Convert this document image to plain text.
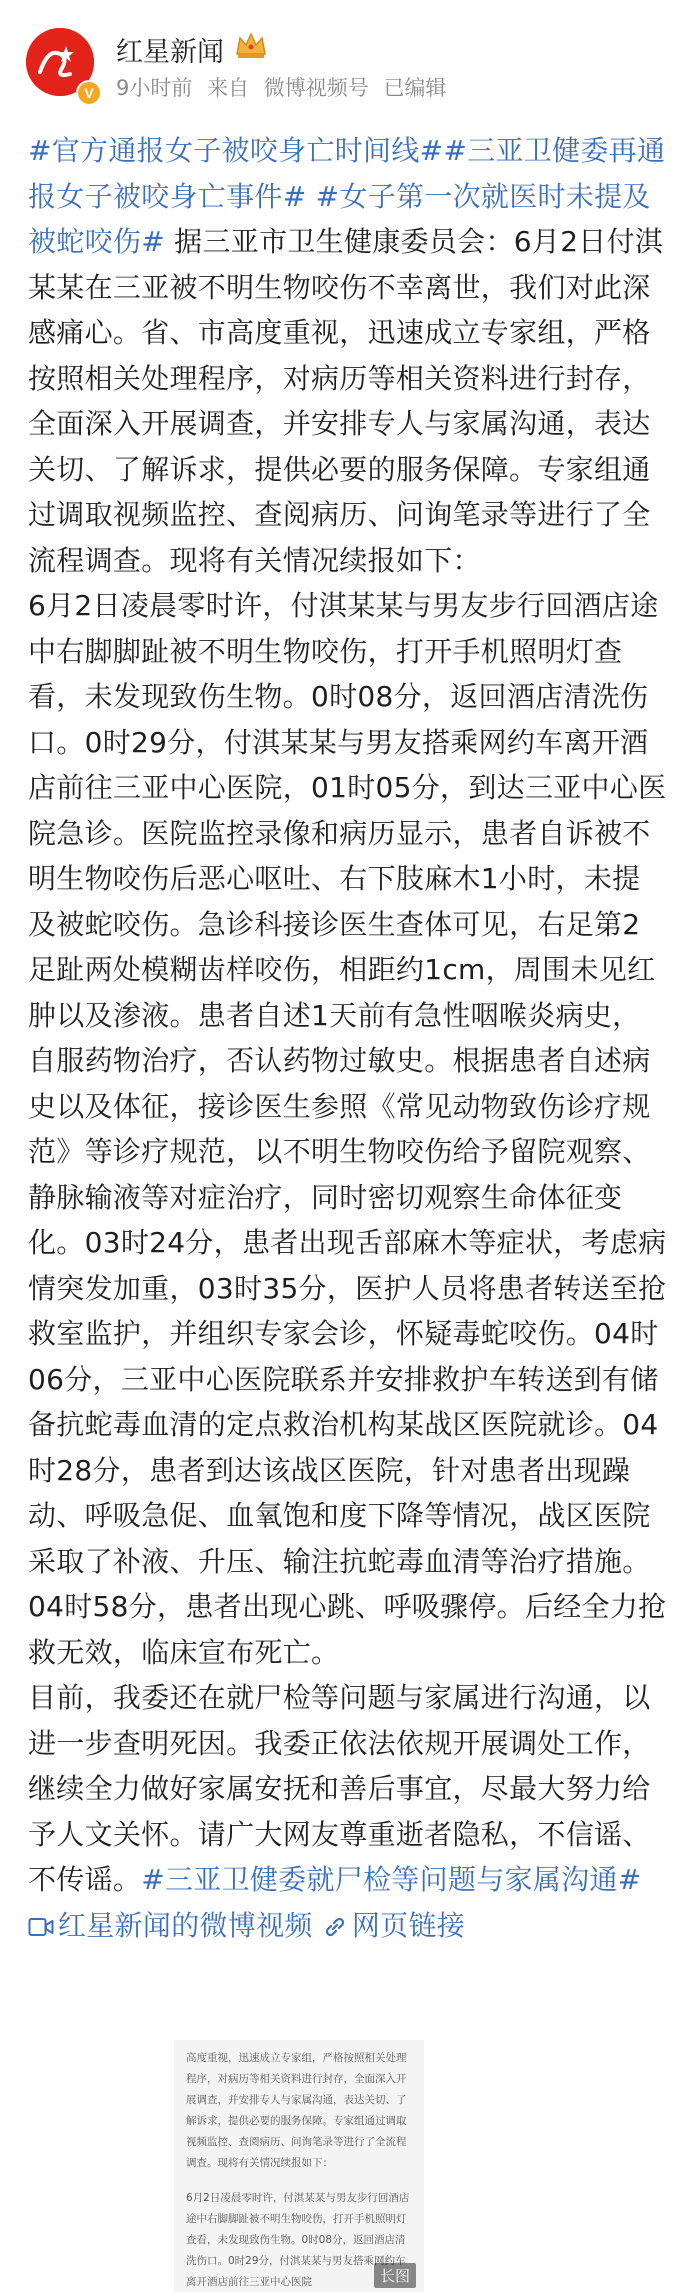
V
红星新闻
9小时前 来自 微博视频号 已编辑

#官方通报女子被咬身亡时间线##三亚卫健委再通报女子被咬身亡事件# #女子第一次就医时未提及被蛇咬伤# 据三亚市卫生健康委员会：6月2日付淇某某在三亚被不明生物咬伤不幸离世，我们对此深感痛心。省、市高度重视，迅速成立专家组，严格按照相关处理程序，对病历等相关资料进行封存，全面深入开展调查，并安排专人与家属沟通，表达关切、了解诉求，提供必要的服务保障。专家组通过调取视频监控、查阅病历、问询笔录等进行了全流程调查。现将有关情况续报如下：

6月2日凌晨零时许，付淇某某与男友步行回酒店途中右脚脚趾被不明生物咬伤，打开手机照明灯查看，未发现致伤生物。0时08分，返回酒店清洗伤口。0时29分，付淇某某与男友搭乘网约车离开酒店前往三亚中心医院，01时05分，到达三亚中心医院急诊。医院监控录像和病历显示，患者自诉被不明生物咬伤后恶心呕吐、右下肢麻木1小时，未提及被蛇咬伤。急诊科接诊医生查体可见，右足第2足趾两处模糊齿样咬伤，相距约1cm，周围未见红肿以及渗液。患者自述1天前有急性咽喉炎病史，自服药物治疗，否认药物过敏史。根据患者自述病史以及体征，接诊医生参照《常见动物致伤诊疗规范》等诊疗规范，以不明生物咬伤给予留院观察、静脉输液等对症治疗，同时密切观察生命体征变化。03时24分，患者出现舌部麻木等症状，考虑病情突发加重，03时35分，医护人员将患者转送至抢救室监护，并组织专家会诊，怀疑毒蛇咬伤。04时06分，三亚中心医院联系并安排救护车转送到有储备抗蛇毒血清的定点救治机构某战区医院就诊。04时28分，患者到达该战区医院，针对患者出现躁动、呼吸急促、血氧饱和度下降等情况，战区医院采取了补液、升压、输注抗蛇毒血清等治疗措施。04时58分，患者出现心跳、呼吸骤停。后经全力抢救无效，临床宣布死亡。

目前，我委还在就尸检等问题与家属进行沟通，以进一步查明死因。我委正依法依规开展调处工作，继续全力做好家属安抚和善后事宜，尽最大努力给予人文关怀。请广大网友尊重逝者隐私，不信谣、不传谣。#三亚卫健委就尸检等问题与家属沟通# 红星新闻的微博视频 网页链接

高度重视，迅速成立专家组，严格按照相关处理程序，对病历等相关资料进行封存，全面深入开展调查，并安排专人与家属沟通，表达关切、了解诉求，提供必要的服务保障。专家组通过调取视频监控、查阅病历、问询笔录等进行了全流程调查。现将有关情况续报如下：

6月2日凌晨零时许，付淇某某与男友步行回酒店途中右脚脚趾被不明生物咬伤，打开手机照明灯查看，未发现致伤生物。0时08分，返回酒店清洗伤口。0时29分，付淇某某与男友搭乘网约车离开酒店前往三亚中心医院	长图
